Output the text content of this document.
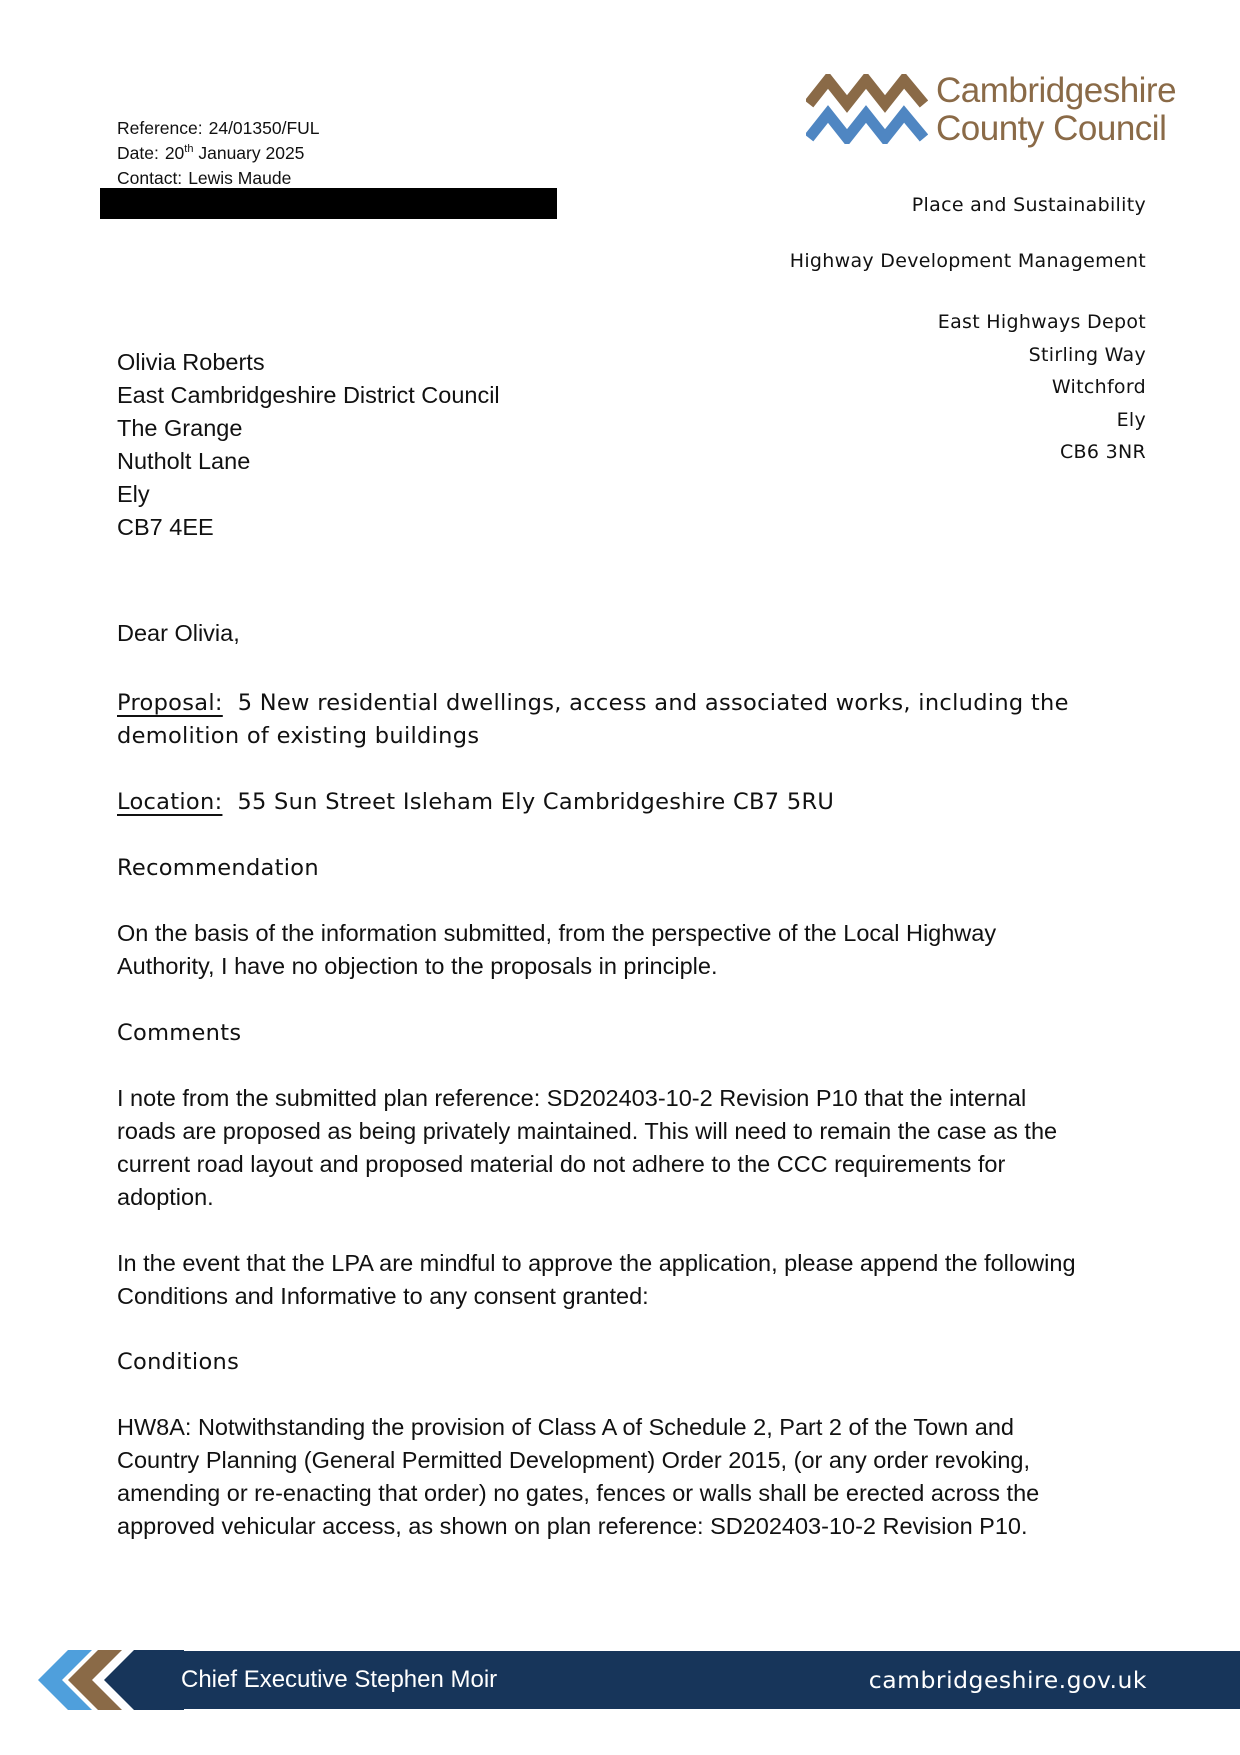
Reference: 24/01350/FUL
Date: 20th January 2025
Contact: Lewis Maude
Cambridgeshire
County Council
Place and Sustainability
Highway Development Management
East Highways Depot
Stirling Way
Witchford
Ely
CB6 3NR
Olivia Roberts
East Cambridgeshire District Council
The Grange
Nutholt Lane
Ely
CB7 4EE
Dear Olivia,
Proposal: 5 New residential dwellings, access and associated works, including the
demolition of existing buildings
Location: 55 Sun Street Isleham Ely Cambridgeshire CB7 5RU
Recommendation
On the basis of the information submitted, from the perspective of the Local Highway
Authority, I have no objection to the proposals in principle.
Comments
I note from the submitted plan reference: SD202403-10-2 Revision P10 that the internal
roads are proposed as being privately maintained. This will need to remain the case as the
current road layout and proposed material do not adhere to the CCC requirements for
adoption.
In the event that the LPA are mindful to approve the application, please append the following
Conditions and Informative to any consent granted:
Conditions
HW8A: Notwithstanding the provision of Class A of Schedule 2, Part 2 of the Town and
Country Planning (General Permitted Development) Order 2015, (or any order revoking,
amending or re-enacting that order) no gates, fences or walls shall be erected across the
approved vehicular access, as shown on plan reference: SD202403-10-2 Revision P10.
Chief Executive Stephen Moir	cambridgeshire.gov.uk
